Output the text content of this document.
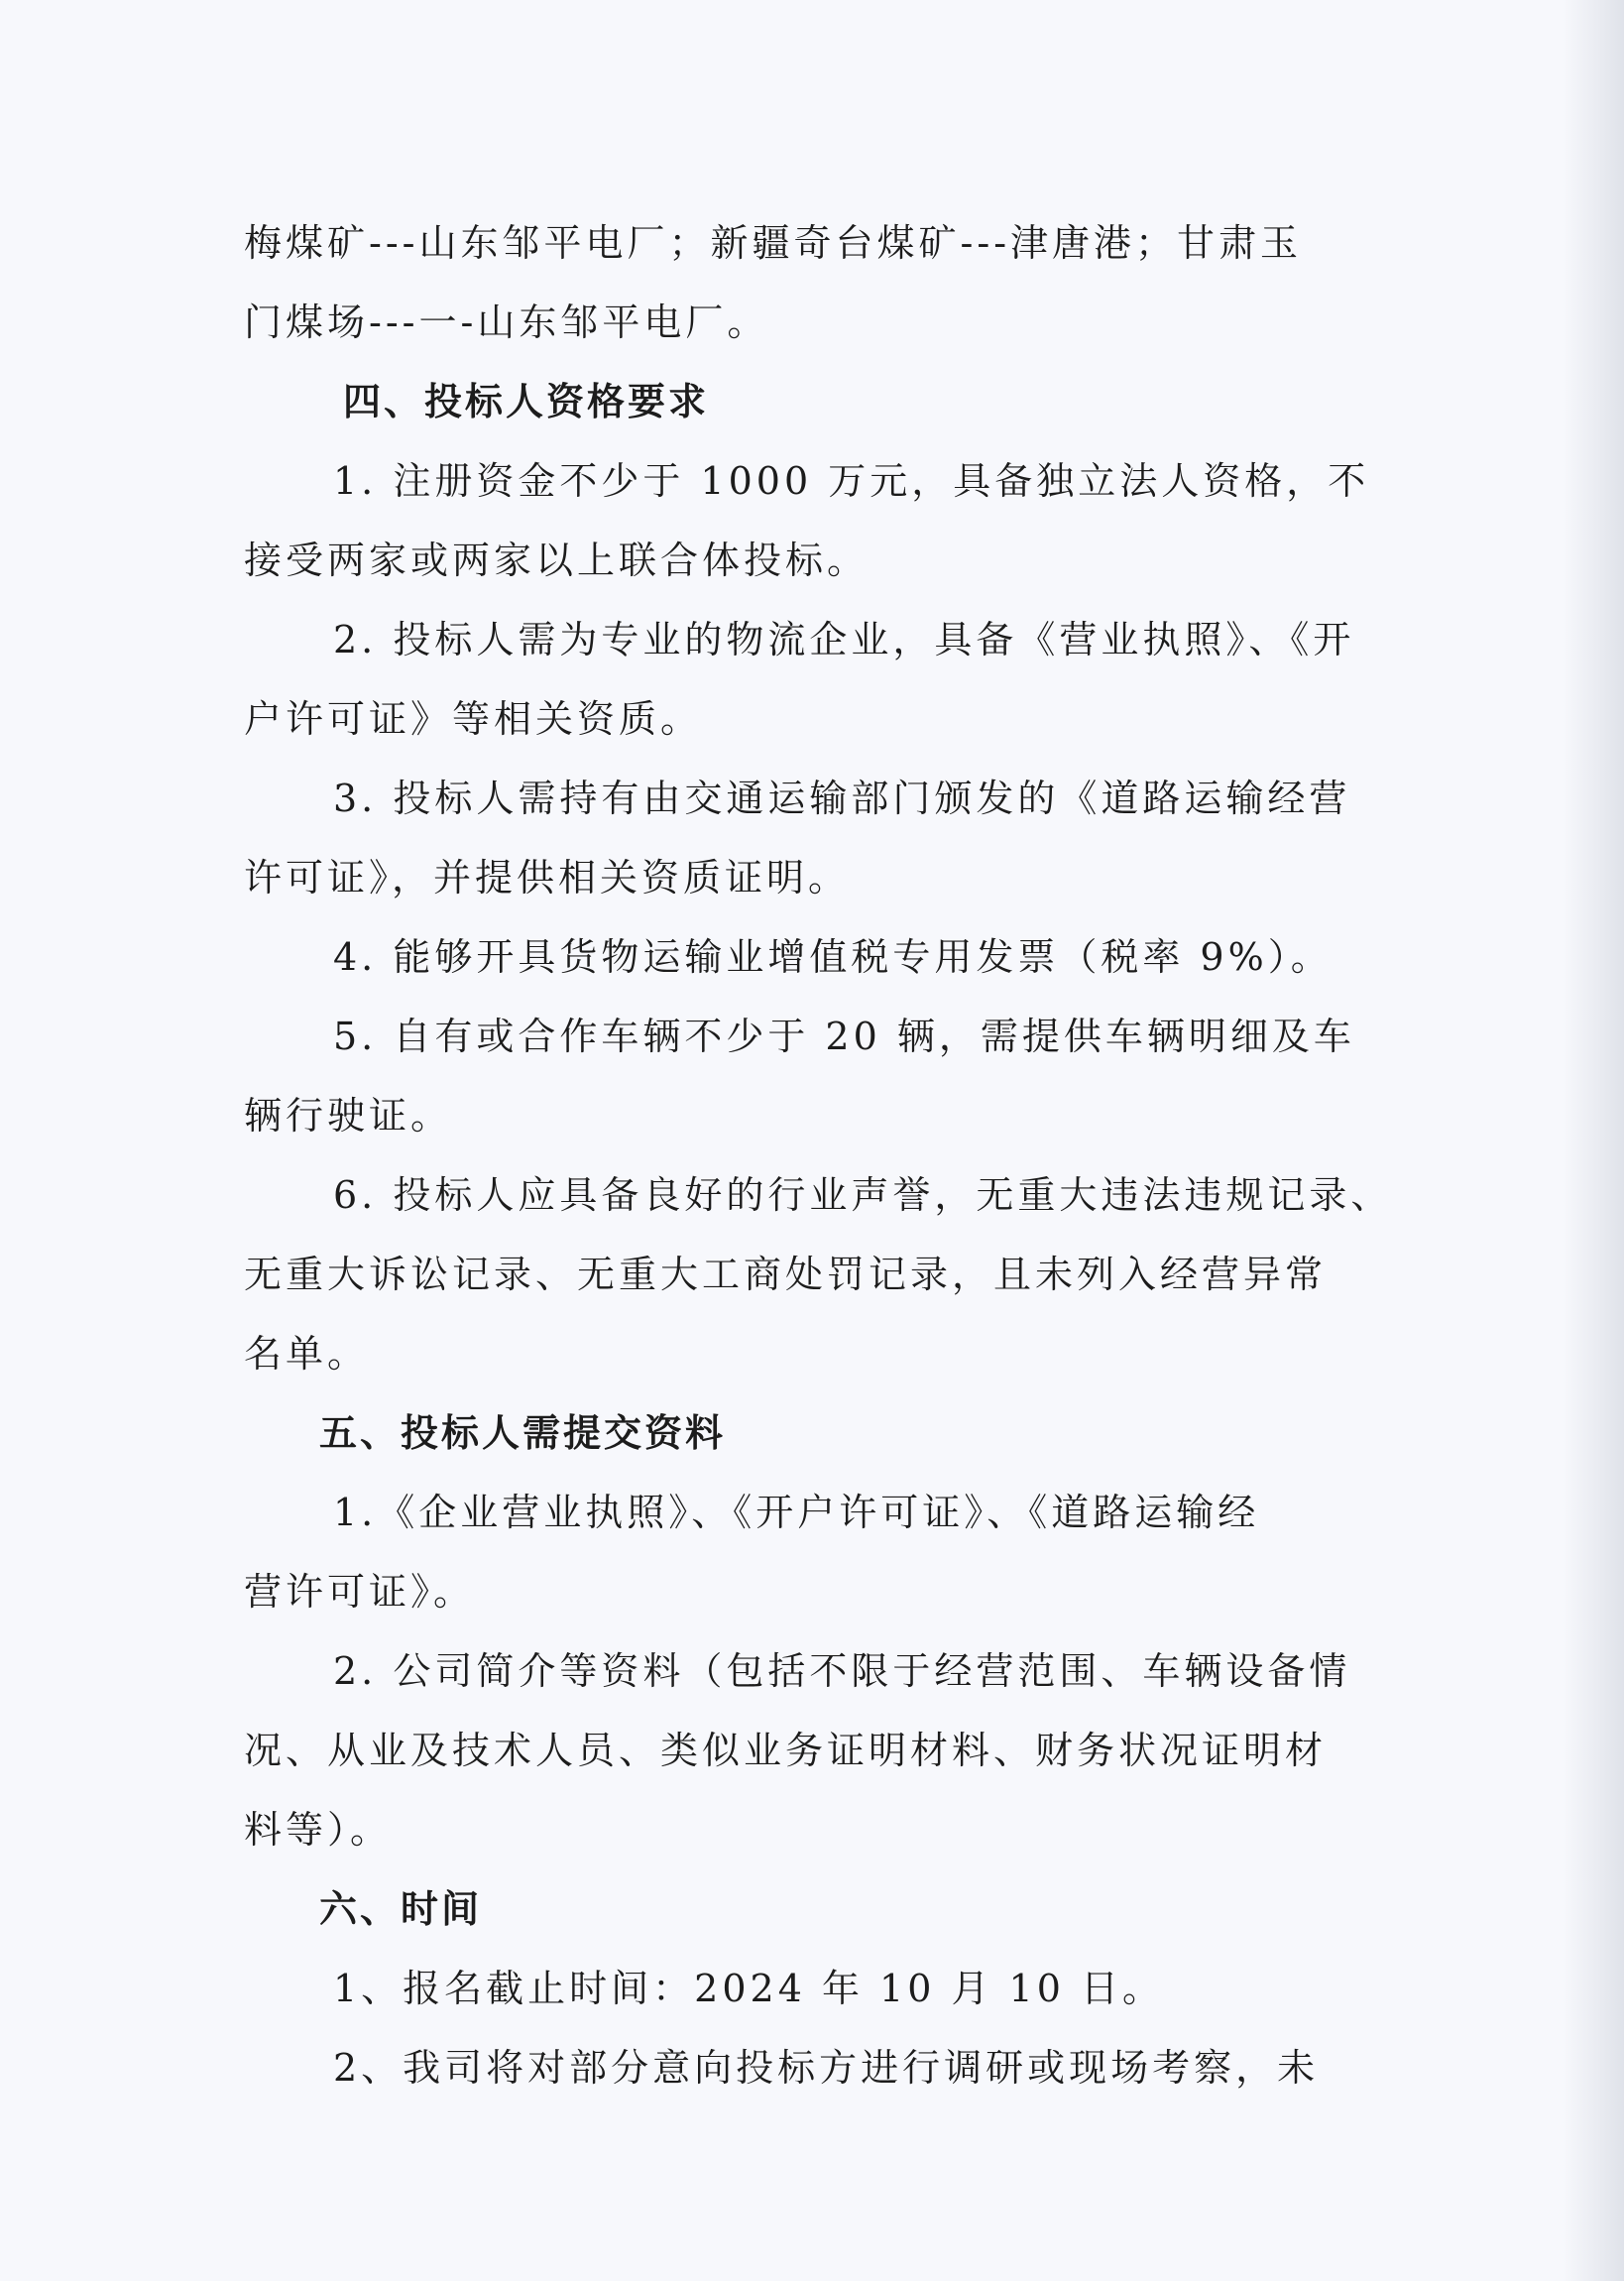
梅煤矿---山东邹平电厂；新疆奇台煤矿---津唐港；甘肃玉
门煤场---一-山东邹平电厂。
四、投标人资格要求
1. 注册资金不少于 1000 万元，具备独立法人资格，不
接受两家或两家以上联合体投标。
2. 投标人需为专业的物流企业，具备《营业执照》、《开
户许可证》等相关资质。
3. 投标人需持有由交通运输部门颁发的《道路运输经营
许可证》，并提供相关资质证明。
4. 能够开具货物运输业增值税专用发票（税率 9%）。
5. 自有或合作车辆不少于 20 辆，需提供车辆明细及车
辆行驶证。
6. 投标人应具备良好的行业声誉，无重大违法违规记录、
无重大诉讼记录、无重大工商处罚记录，且未列入经营异常
名单。
五、投标人需提交资料
1.《企业营业执照》、《开户许可证》、《道路运输经
营许可证》。
2. 公司简介等资料（包括不限于经营范围、车辆设备情
况、从业及技术人员、类似业务证明材料、财务状况证明材
料等）。
六、时间
1、报名截止时间：2024 年 10 月 10 日。
2、我司将对部分意向投标方进行调研或现场考察，未
